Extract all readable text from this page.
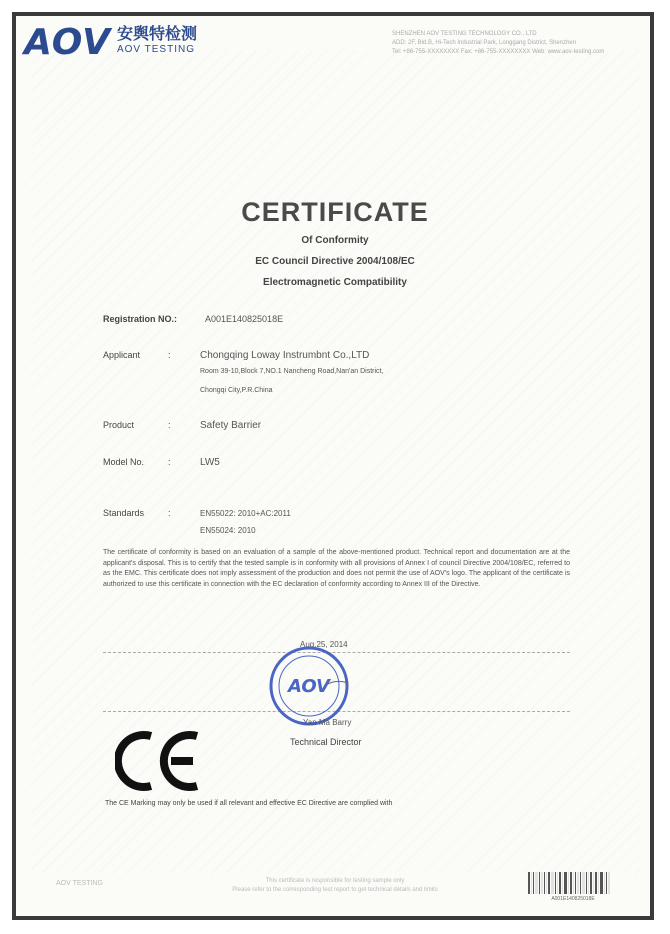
AOV 安舆特检测
AOV TESTING
SHENZHEN AOV TESTING TECHNOLOGY CO., LTD
ADD: 2F, Bld.B, Hi-Tech Industrial Park, Longgang District, Shenzhen
Tel: +86-755-XXXXXXXX Fax: +86-755-XXXXXXXX Web: www.aov-testing.com
CERTIFICATE
Of Conformity
EC Council Directive 2004/108/EC
Electromagnetic Compatibility
Registration NO.:	A001E140825018E
Applicant	:	Chongqing Loway Instrumbnt Co.,LTD
Room 39-10,Block 7,NO.1 Nancheng Road,Nan'an District,
Chongqi City,P.R.China
Product	:	Safety Barrier
Model No.	:	LW5
Standards	:	EN55022: 2010+AC:2011
EN55024: 2010
The certificate of conformity is based on an evaluation of a sample of the above-mentioned product. Technical report and documentation are at the applicant's disposal. This is to certify that the tested sample is in conformity with all provisions of Annex I of council Directive 2004/108/EC, referred to as the EMC. This certificate does not imply assessment of the production and does not permit the use of AOV's logo. The applicant of the certificate is authorized to use this certificate in connection with the EC declaration of conformity according to Annex III of the Directive.
Aug.25, 2014
AOV
Yan Ma Barry
Technical Director
The CE Marking may only be used if all relevant and effective EC Directive are complied with
AOV TESTING	This certificate is responsible for testing sample only
Please refer to the corresponding test report to get technical details and limits
A001E140825018E
